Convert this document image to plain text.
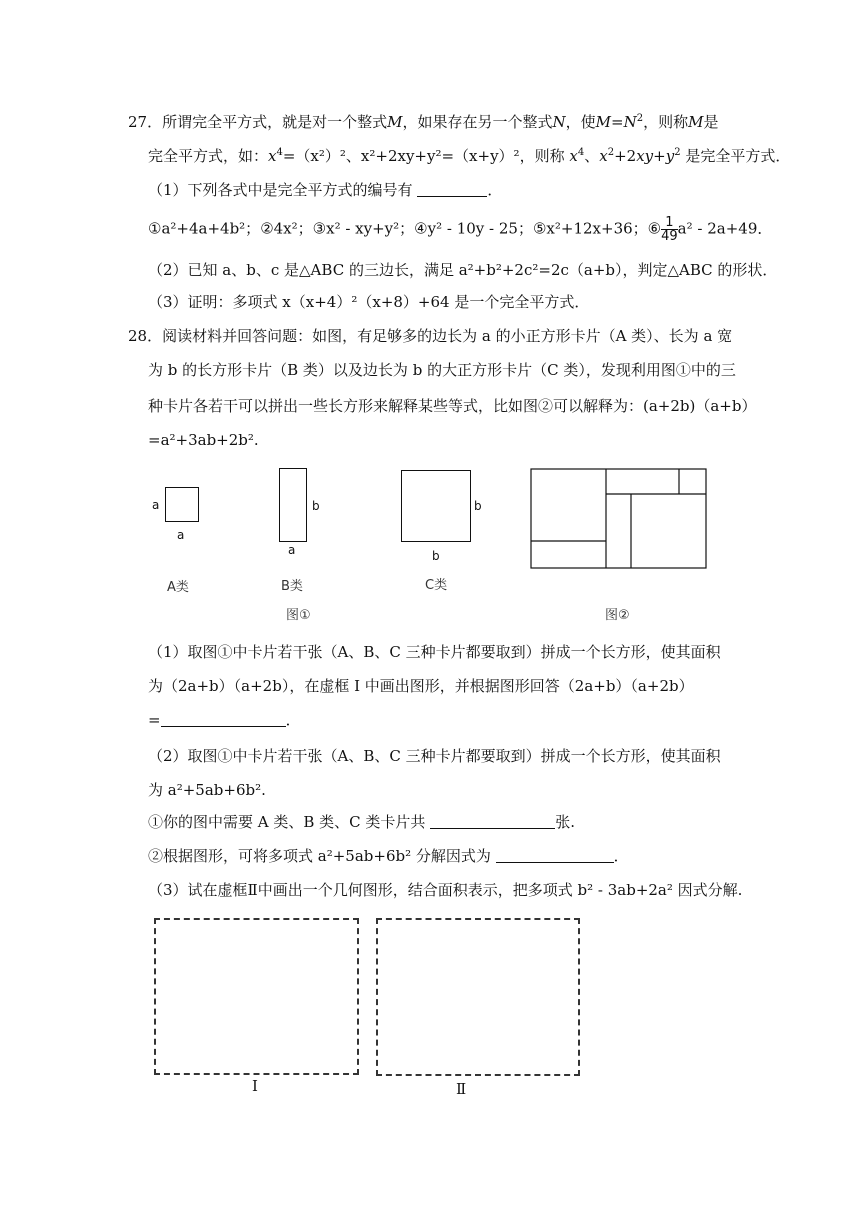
27．所谓完全平方式，就是对一个整式M，如果存在另一个整式N，使$M=N^2$，则称M是
完全平方式，如：$x^4=(x^2)^2$、x²+2xy+y²=（x+y）²，则称 $x^4$、$x^2+2xy+y^2$ 是完全平方式．
（1）下列各式中是完全平方式的编号有	．
①a²+4a+4b²；②4x²；③x² - xy+y²；④y² - 10y - 25；⑤x²+12x+36；⑥ $\frac{1}{49} a^2 - 2a+49$．
（2）已知 a、b、c 是△ABC 的三边长，满足 a²+b²+2c²=2c（a+b），判定△ABC 的形状．
（3）证明：多项式 x（x+4）²（x+8）+64 是一个完全平方式．
28．阅读材料并回答问题：如图，有足够多的边长为 a 的小正方形卡片（A 类）、长为 a 宽
为 b 的长方形卡片（B 类）以及边长为 b 的大正方形卡片（C 类），发现利用图①中的三
种卡片各若干可以拼出一些长方形来解释某些等式，比如图②可以解释为：(a+2b)（a+b）
=a²+3ab+2b².
a
a
A类
b
a
B类
b
b
C类
图①	图②
（1）取图①中卡片若干张（A、B、C 三种卡片都要取到）拼成一个长方形，使其面积
为（2a+b）（a+2b），在虚框 Ⅰ 中画出图形，并根据图形回答（2a+b）（a+2b）
=	．
（2）取图①中卡片若干张（A、B、C 三种卡片都要取到）拼成一个长方形，使其面积
为 a²+5ab+6b².
①你的图中需要 A 类、B 类、C 类卡片共	张.
②根据图形，可将多项式 a²+5ab+6b² 分解因式为	．
（3）试在虚框Ⅱ中画出一个几何图形，结合面积表示，把多项式 b² - 3ab+2a² 因式分解.
Ⅰ	Ⅱ
